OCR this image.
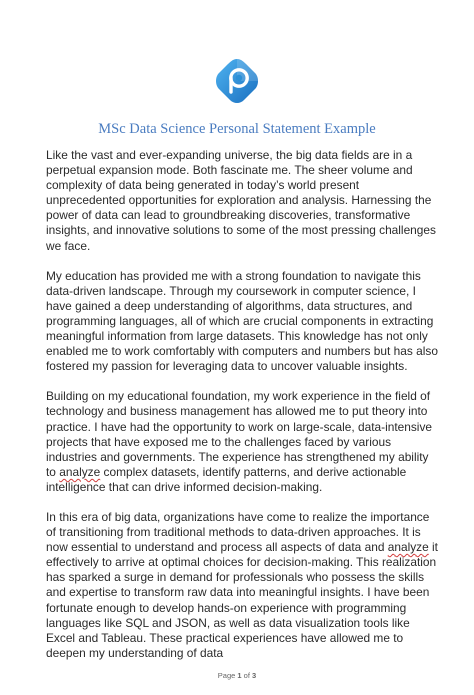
MSc Data Science Personal Statement Example

Like the vast and ever-expanding universe, the big data fields are in a perpetual expansion mode. Both fascinate me. The sheer volume and complexity of data being generated in today’s world present unprecedented opportunities for exploration and analysis. Harnessing the power of data can lead to groundbreaking discoveries, transformative insights, and innovative solutions to some of the most pressing challenges we face.

My education has provided me with a strong foundation to navigate this data-driven landscape. Through my coursework in computer science, I have gained a deep understanding of algorithms, data structures, and programming languages, all of which are crucial components in extracting meaningful information from large datasets. This knowledge has not only enabled me to work comfortably with computers and numbers but has also fostered my passion for leveraging data to uncover valuable insights.

Building on my educational foundation, my work experience in the field of technology and business management has allowed me to put theory into practice. I have had the opportunity to work on large-scale, data-intensive projects that have exposed me to the challenges faced by various industries and governments. The experience has strengthened my ability to analyze complex datasets, identify patterns, and derive actionable intelligence that can drive informed decision-making.

In this era of big data, organizations have come to realize the importance of transitioning from traditional methods to data-driven approaches. It is now essential to understand and process all aspects of data and analyze it effectively to arrive at optimal choices for decision-making. This realization has sparked a surge in demand for professionals who possess the skills and expertise to transform raw data into meaningful insights. I have been fortunate enough to develop hands-on experience with programming languages like SQL and JSON, as well as data visualization tools like Excel and Tableau. These practical experiences have allowed me to deepen my understanding of data

Page 1 of 3
